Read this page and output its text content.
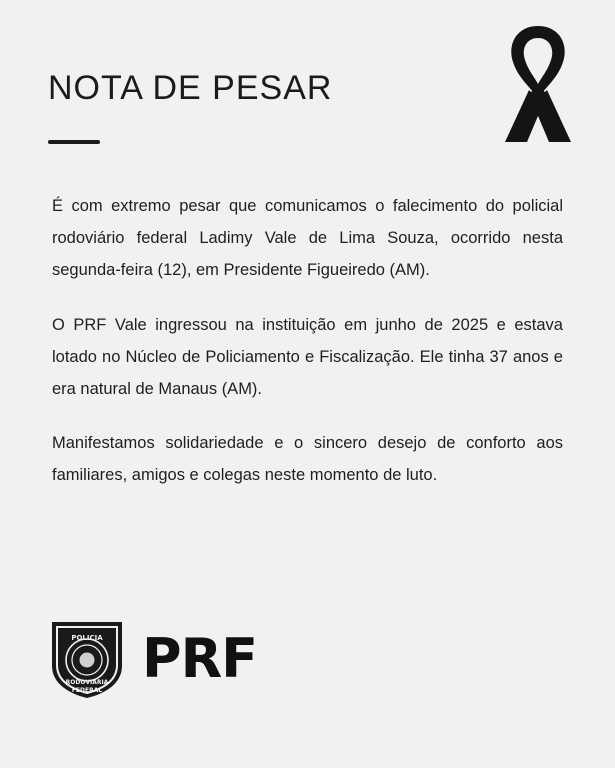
NOTA DE PESAR

É com extremo pesar que comunicamos o falecimento do policial rodoviário federal Ladimy Vale de Lima Souza, ocorrido nesta segunda-feira (12), em Presidente Figueiredo (AM).

O PRF Vale ingressou na instituição em junho de 2025 e estava lotado no Núcleo de Policiamento e Fiscalização. Ele tinha 37 anos e era natural de Manaus (AM).

Manifestamos solidariedade e o sincero desejo de conforto aos familiares, amigos e colegas neste momento de luto.

POLICIA
RODOVIARIA
FEDERAL
PRF
